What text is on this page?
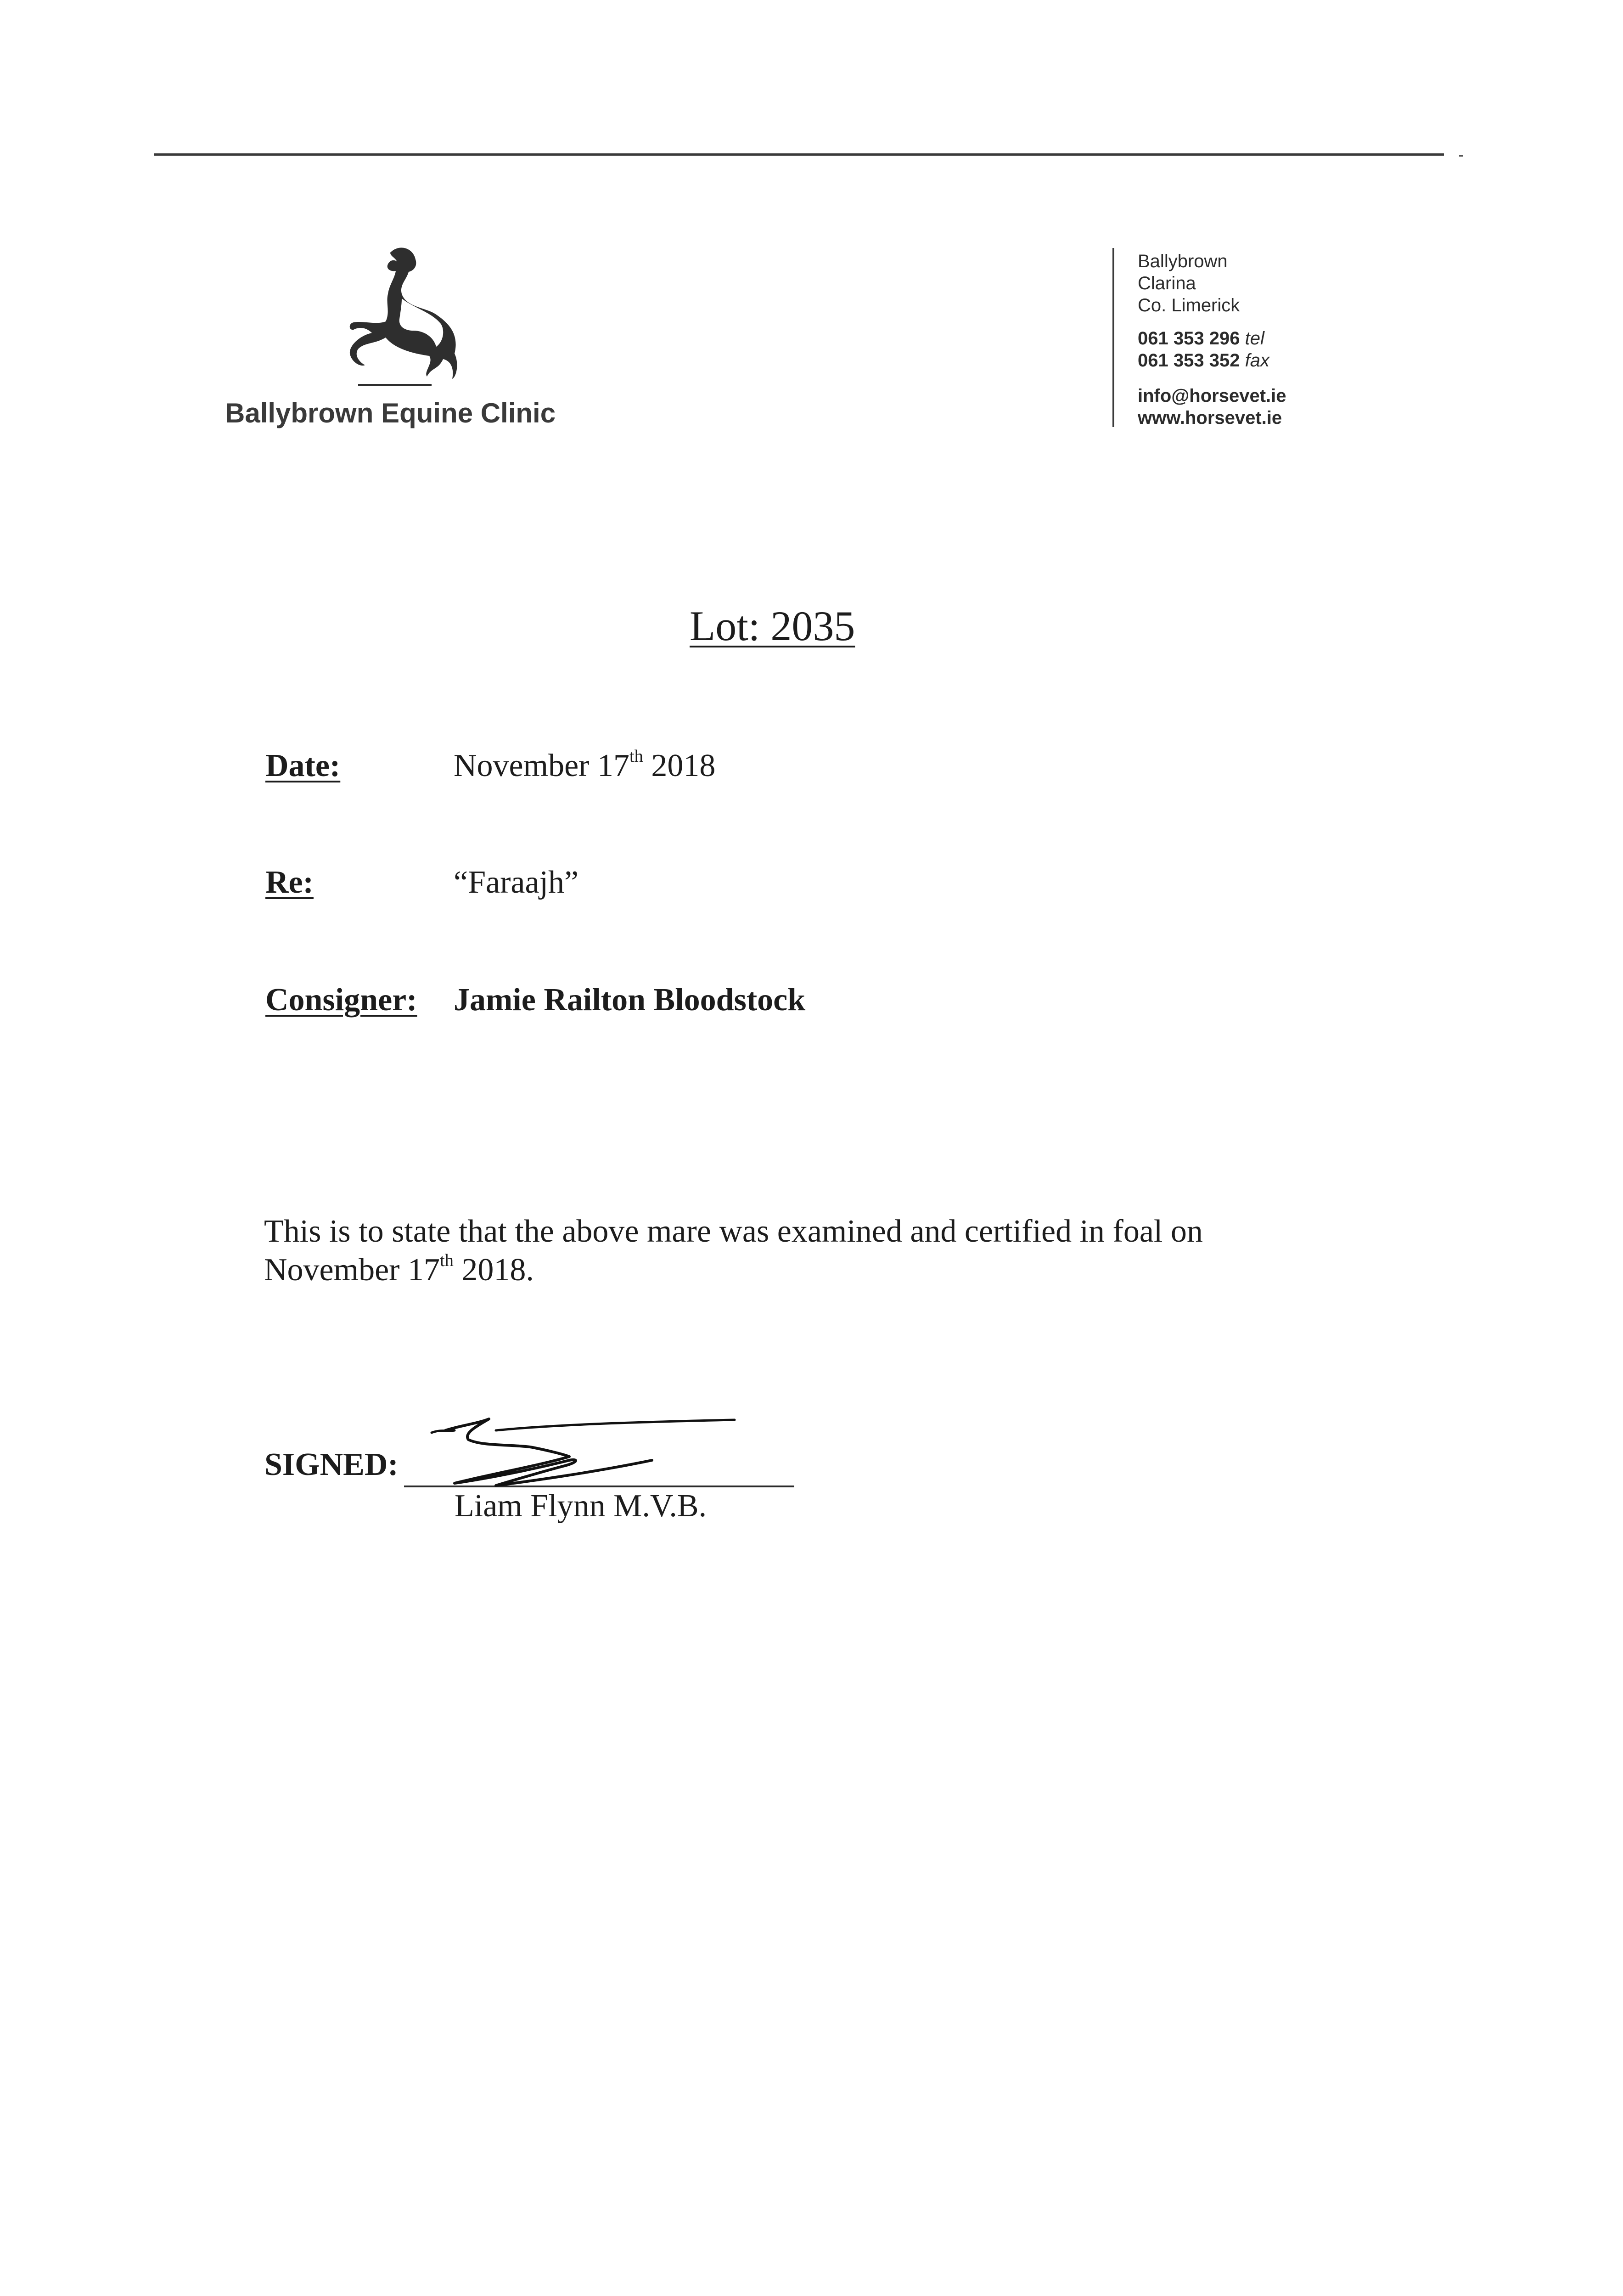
Ballybrown Equine Clinic
Ballybrown
Clarina
Co. Limerick
061 353 296 tel
061 353 352 fax
info@horsevet.ie
www.horsevet.ie
Lot: 2035
Date:	November 17th 2018
Re:	“Faraajh”
Consigner: Jamie Railton Bloodstock
This is to state that the above mare was examined and certified in foal on
November 17th 2018.
SIGNED:
Liam Flynn M.V.B.
